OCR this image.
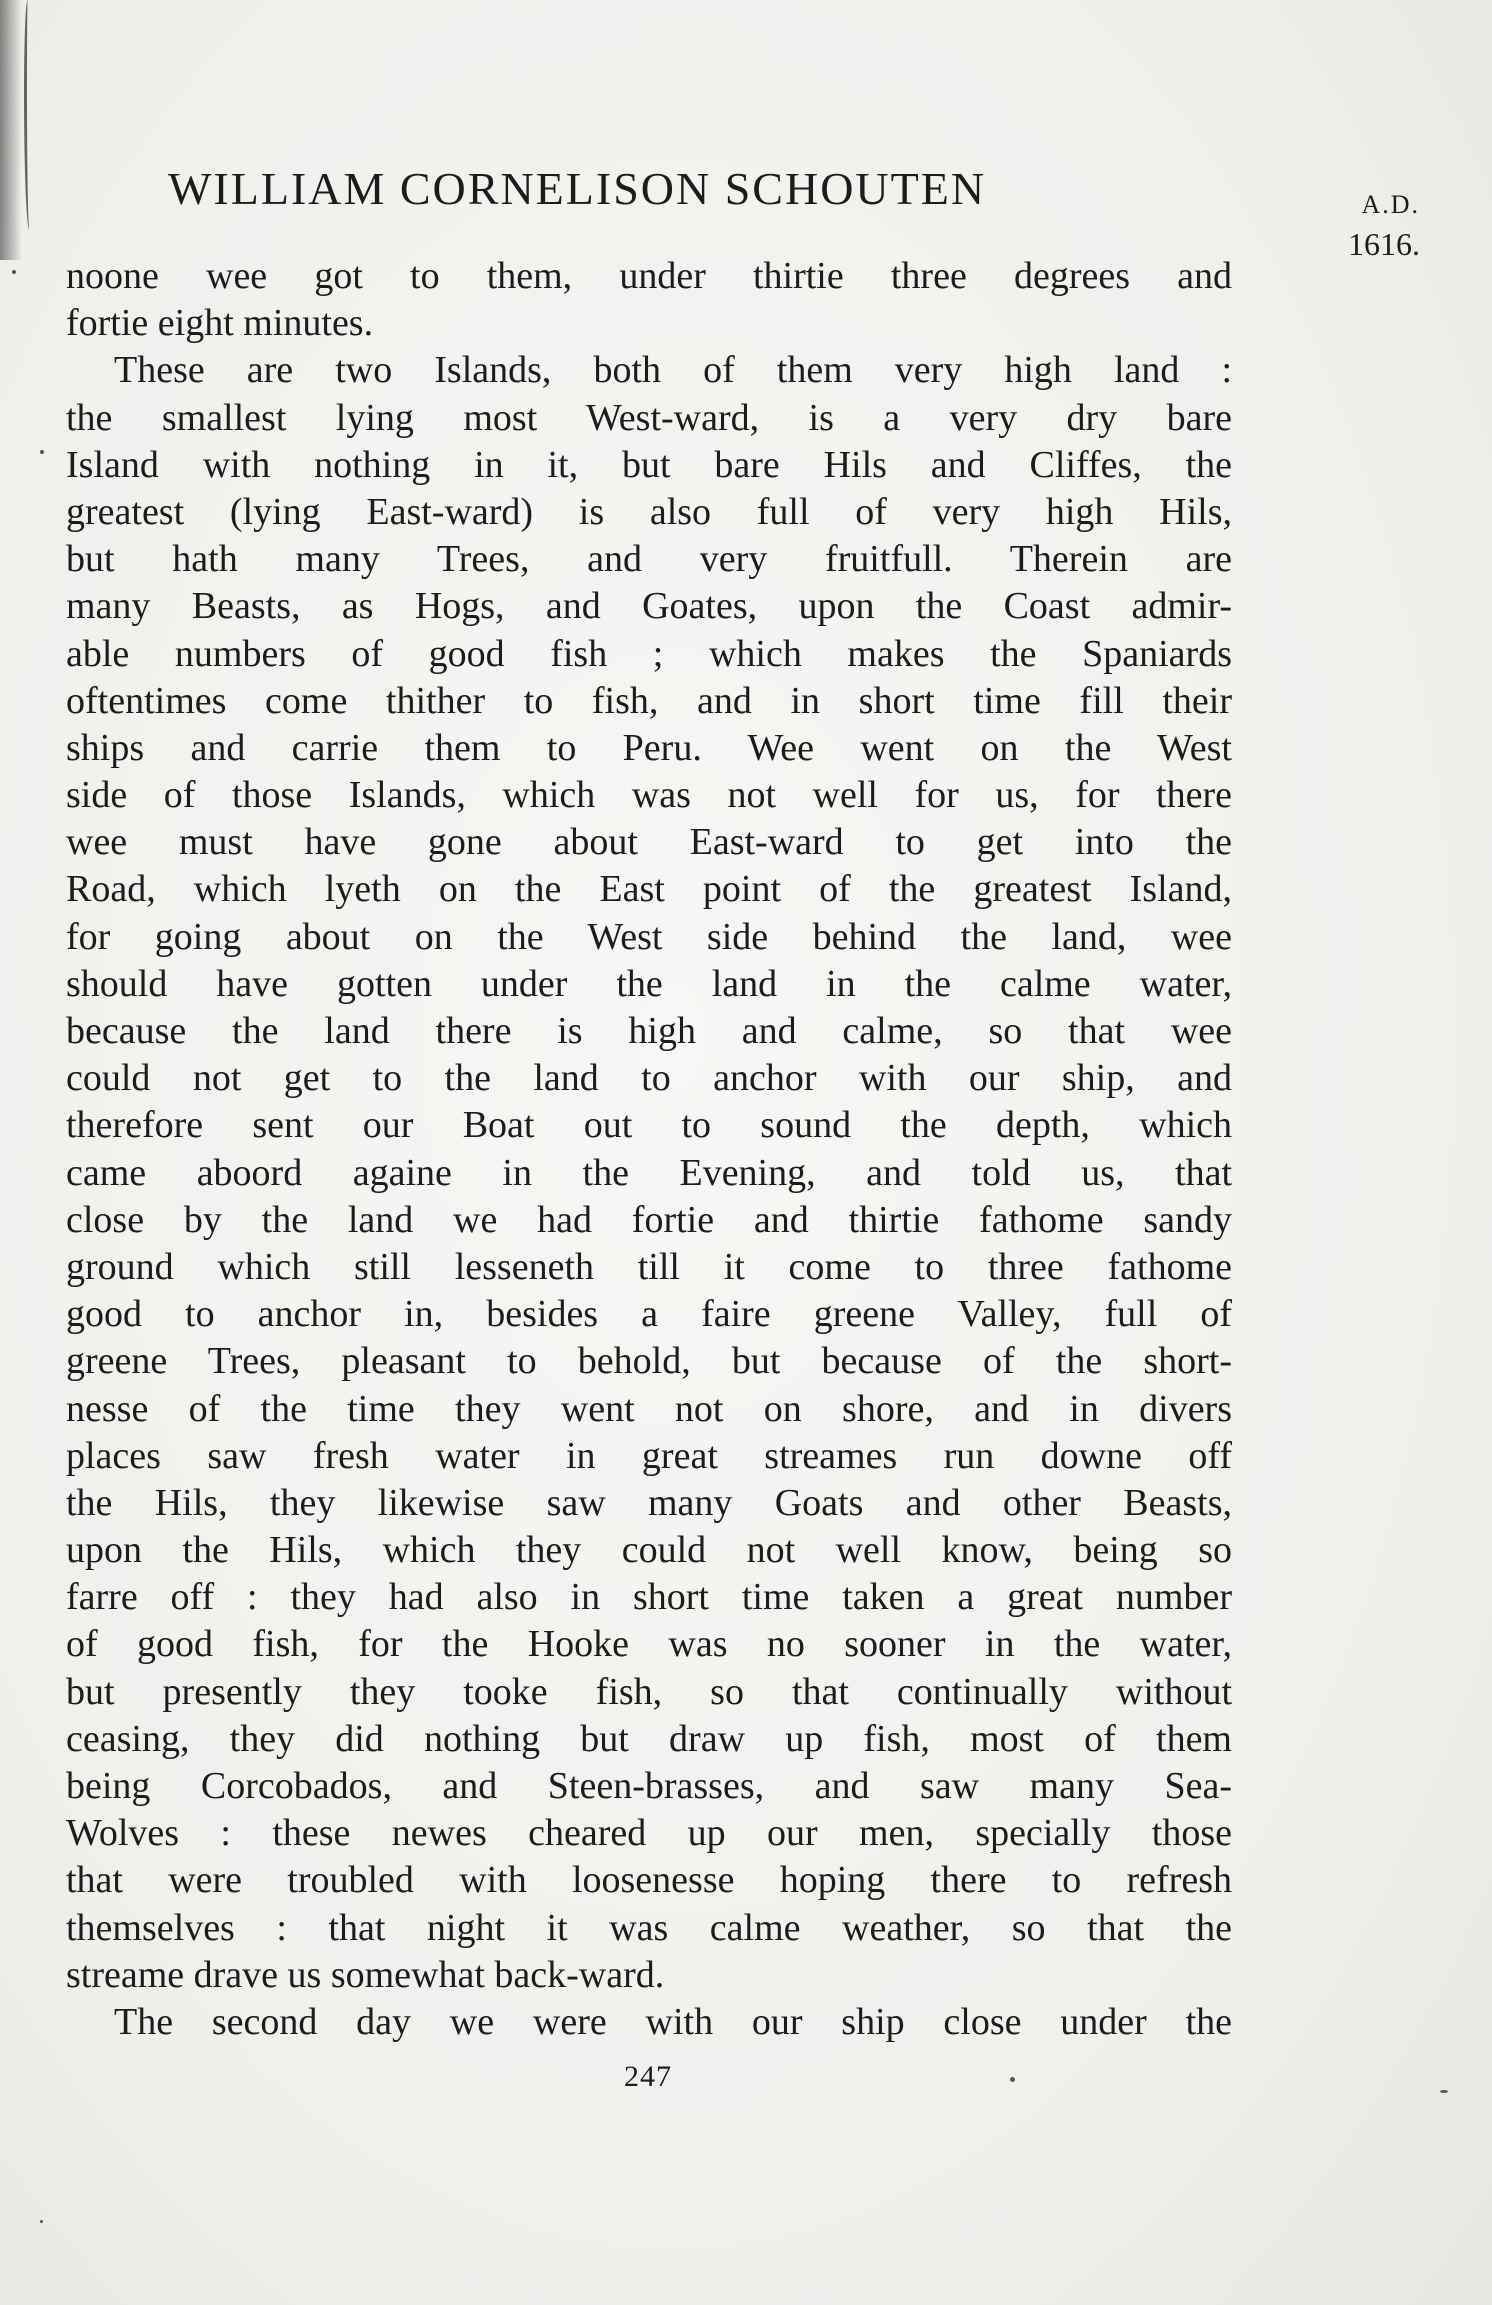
WILLIAM CORNELISON SCHOUTEN	A.D.
1616.
noone wee got to them, under thirtie three degrees and
fortie eight minutes.
These are two Islands, both of them very high land :
the smallest lying most West-ward, is a very dry bare
Island with nothing in it, but bare Hils and Cliffes, the
greatest (lying East-ward) is also full of very high Hils,
but hath many Trees, and very fruitfull. Therein are
many Beasts, as Hogs, and Goates, upon the Coast admir-
able numbers of good fish ; which makes the Spaniards
oftentimes come thither to fish, and in short time fill their
ships and carrie them to Peru. Wee went on the West
side of those Islands, which was not well for us, for there
wee must have gone about East-ward to get into the
Road, which lyeth on the East point of the greatest Island,
for going about on the West side behind the land, wee
should have gotten under the land in the calme water,
because the land there is high and calme, so that wee
could not get to the land to anchor with our ship, and
therefore sent our Boat out to sound the depth, which
came aboord againe in the Evening, and told us, that
close by the land we had fortie and thirtie fathome sandy
ground which still lesseneth till it come to three fathome
good to anchor in, besides a faire greene Valley, full of
greene Trees, pleasant to behold, but because of the short-
nesse of the time they went not on shore, and in divers
places saw fresh water in great streames run downe off
the Hils, they likewise saw many Goats and other Beasts,
upon the Hils, which they could not well know, being so
farre off : they had also in short time taken a great number
of good fish, for the Hooke was no sooner in the water,
but presently they tooke fish, so that continually without
ceasing, they did nothing but draw up fish, most of them
being Corcobados, and Steen-brasses, and saw many Sea-
Wolves : these newes cheared up our men, specially those
that were troubled with loosenesse hoping there to refresh
themselves : that night it was calme weather, so that the
streame drave us somewhat back-ward.
The second day we were with our ship close under the
247
